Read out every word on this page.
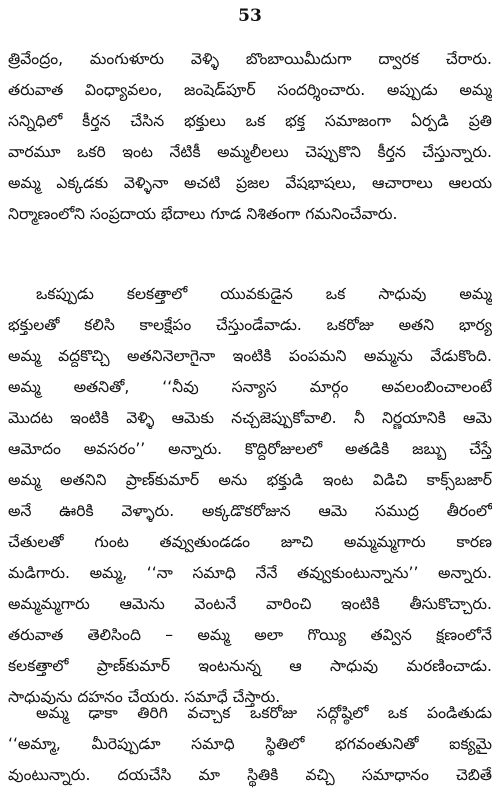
53
త్రివేంద్రం, మంగుళూరు వెళ్ళి బొంబాయిమీదుగా ద్వారక చేరారు.
తరువాత వింధ్యావలం, జంషెడ్‌పూర్ సందర్శించారు. అప్పుడు అమ్మ
సన్నిధిలో కీర్తన చేసిన భక్తులు ఒక భక్త సమాజంగా ఏర్పడి ప్రతి
వారమూ ఒకరి ఇంట నేటికీ అమ్మలీలలు చెప్పుకొని కీర్తన చేస్తున్నారు.
అమ్మ ఎక్కడకు వెళ్ళినా అచటి ప్రజల వేషభాషలు, ఆచారాలు ఆలయ
నిర్మాణంలోని సంప్రదాయ భేదాలు గూడ నిశితంగా గమనించేవారు.
ఒకప్పుడు కలకత్తాలో యువకుడైన ఒక సాధువు అమ్మ
భక్తులతో కలిసి కాలక్షేపం చేస్తుండేవాడు. ఒకరోజు అతని భార్య
అమ్మ వద్దకొచ్చి అతనినెలాగైనా ఇంటికి పంపమని అమ్మను వేడుకొంది.
అమ్మ అతనితో, ‘‘నీవు సన్యాస మార్గం అవలంబించాలంటే
మొదట ఇంటికి వెళ్ళి ఆమెకు నచ్చజెప్పుకోవాలి. నీ నిర్ణయానికి ఆమె
ఆమోదం అవసరం’’ అన్నారు. కొద్దిరోజులలో అతడికి జబ్బు చేస్తే
అమ్మ అతనిని ప్రాణ్‌కుమార్ అను భక్తుడి ఇంట విడిచి కాక్స్‌బజార్
అనే ఊరికి వెళ్ళారు. అక్కడొకరోజున ఆమె సముద్ర తీరంలో
చేతులతో గుంట తవ్వుతుండడం జూచి అమ్మమ్మగారు కారణ
మడిగారు. అమ్మ, ‘‘నా సమాధి నేనే తవ్వుకుంటున్నాను’’ అన్నారు.
అమ్మమ్మగారు ఆమెను వెంటనే వారించి ఇంటికి తీసుకొచ్చారు.
తరువాత తెలిసింది – అమ్మ అలా గొయ్యి తవ్విన క్షణంలోనే
కలకత్తాలో ప్రాణ్‌కుమార్ ఇంటనున్న ఆ సాధువు మరణించాడు.
సాధువును దహనం చేయరు. సమాధే చేస్తారు.
అమ్మ ఢాకా తిరిగి వచ్చాక ఒకరోజు సద్గోష్ఠిలో ఒక పండితుడు
‘‘అమ్మా, మీరెప్పుడూ సమాధి స్థితిలో భగవంతునితో ఐక్యమై
వుంటున్నారు. దయచేసి మా స్థితికి వచ్చి సమాధానం చెబితే
